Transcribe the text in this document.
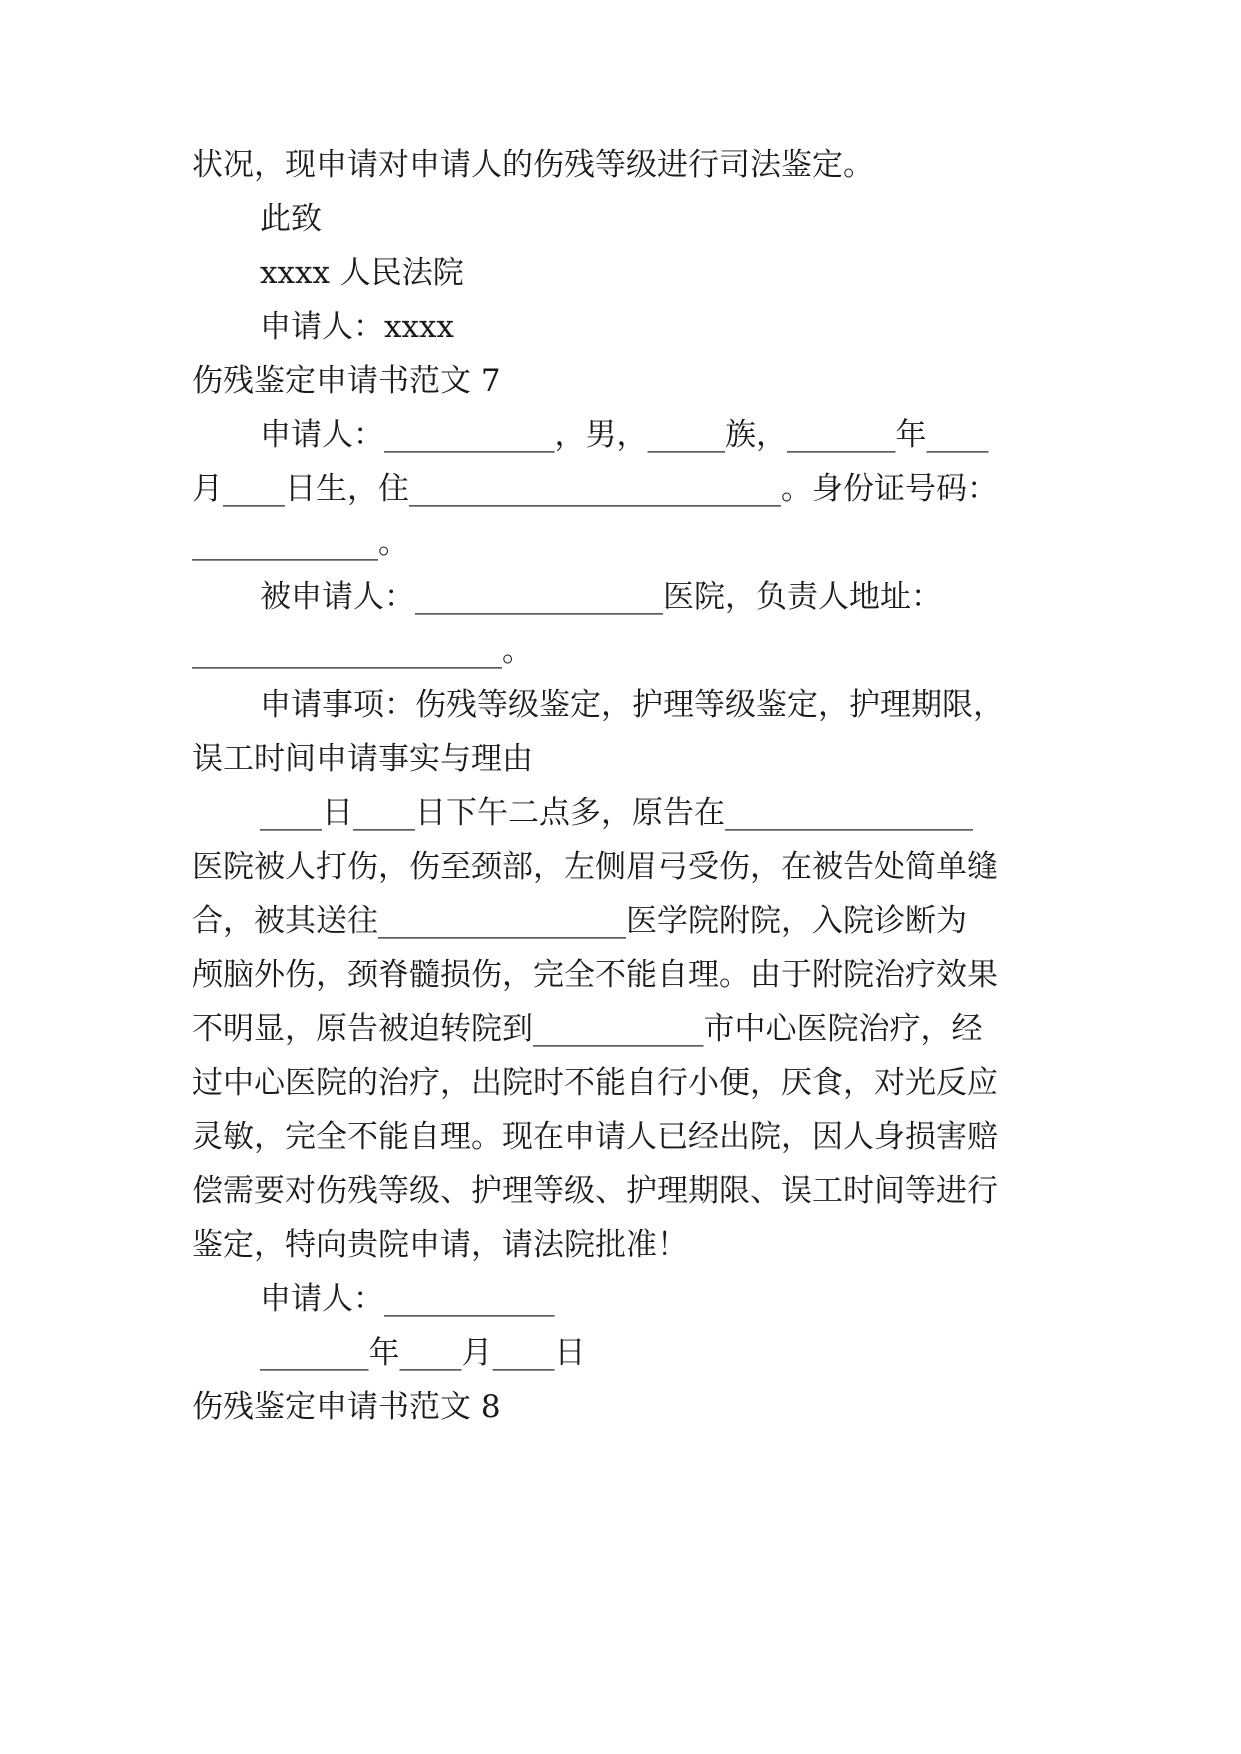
状况，现申请对申请人的伤残等级进行司法鉴定。
此致
xxxx 人民法院
申请人：xxxx
伤残鉴定申请书范文 7
申请人：___________，男，_____族，_______年____
月____日生，住________________________。身份证号码：
____________。
被申请人：________________医院，负责人地址：
____________________。
申请事项：伤残等级鉴定，护理等级鉴定，护理期限，
误工时间申请事实与理由
____日____日下午二点多，原告在________________
医院被人打伤，伤至颈部，左侧眉弓受伤，在被告处简单缝
合，被其送往________________医学院附院，入院诊断为
颅脑外伤，颈脊髓损伤，完全不能自理。由于附院治疗效果
不明显，原告被迫转院到___________市中心医院治疗，经
过中心医院的治疗，出院时不能自行小便，厌食，对光反应
灵敏，完全不能自理。现在申请人已经出院，因人身损害赔
偿需要对伤残等级、护理等级、护理期限、误工时间等进行
鉴定，特向贵院申请，请法院批准！
申请人：___________
_______年____月____日
伤残鉴定申请书范文 8
